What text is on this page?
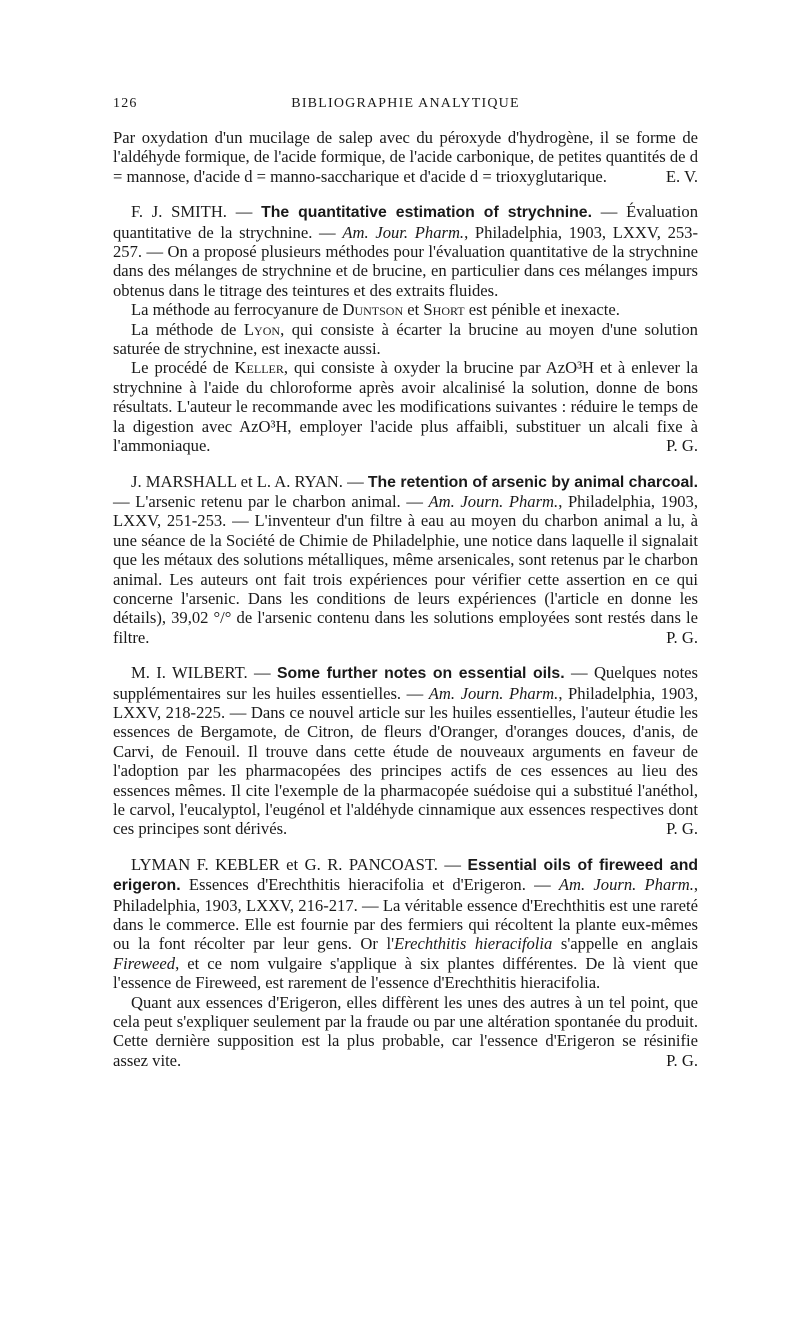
126	BIBLIOGRAPHIE ANALYTIQUE

Par oxydation d'un mucilage de salep avec du péroxyde d'hydrogène, il se forme de l'aldéhyde formique, de l'acide formique, de l'acide carbonique, de petites quantités de d = mannose, d'acide d = manno-saccharique et d'acide d = trioxyglutarique.	E. V.

F. J. SMITH. — The quantitative estimation of strychnine. — Évaluation quantitative de la strychnine. — Am. Jour. Pharm., Philadelphia, 1903, LXXV, 253-257. — On a proposé plusieurs méthodes pour l'évaluation quantitative de la strychnine dans des mélanges de strychnine et de brucine, en particulier dans ces mélanges impurs obtenus dans le titrage des teintures et des extraits fluides.

La méthode au ferrocyanure de Duntson et Short est pénible et inexacte.

La méthode de Lyon, qui consiste à écarter la brucine au moyen d'une solution saturée de strychnine, est inexacte aussi.

Le procédé de Keller, qui consiste à oxyder la brucine par AzO³H et à enlever la strychnine à l'aide du chloroforme après avoir alcalinisé la solution, donne de bons résultats. L'auteur le recommande avec les modifications suivantes : réduire le temps de la digestion avec AzO³H, employer l'acide plus affaibli, substituer un alcali fixe à l'ammoniaque.	P. G.

J. MARSHALL et L. A. RYAN. — The retention of arsenic by animal charcoal. — L'arsenic retenu par le charbon animal. — Am. Journ. Pharm., Philadelphia, 1903, LXXV, 251-253. — L'inventeur d'un filtre à eau au moyen du charbon animal a lu, à une séance de la Société de Chimie de Philadelphie, une notice dans laquelle il signalait que les métaux des solutions métalliques, même arsenicales, sont retenus par le charbon animal. Les auteurs ont fait trois expériences pour vérifier cette assertion en ce qui concerne l'arsenic. Dans les conditions de leurs expériences (l'article en donne les détails), 39,02 °/° de l'arsenic contenu dans les solutions employées sont restés dans le filtre.	P. G.

M. I. WILBERT. — Some further notes on essential oils. — Quelques notes supplémentaires sur les huiles essentielles. — Am. Journ. Pharm., Philadelphia, 1903, LXXV, 218-225. — Dans ce nouvel article sur les huiles essentielles, l'auteur étudie les essences de Bergamote, de Citron, de fleurs d'Oranger, d'oranges douces, d'anis, de Carvi, de Fenouil. Il trouve dans cette étude de nouveaux arguments en faveur de l'adoption par les pharmacopées des principes actifs de ces essences au lieu des essences mêmes. Il cite l'exemple de la pharmacopée suédoise qui a substitué l'anéthol, le carvol, l'eucalyptol, l'eugénol et l'aldéhyde cinnamique aux essences respectives dont ces principes sont dérivés.	P. G.

LYMAN F. KEBLER et G. R. PANCOAST. — Essential oils of fireweed and erigeron. Essences d'Erechthitis hieracifolia et d'Erigeron. — Am. Journ. Pharm., Philadelphia, 1903, LXXV, 216-217. — La véritable essence d'Erechthitis est une rareté dans le commerce. Elle est fournie par des fermiers qui récoltent la plante eux-mêmes ou la font récolter par leur gens. Or l'Erechthitis hieracifolia s'appelle en anglais Fireweed, et ce nom vulgaire s'applique à six plantes différentes. De là vient que l'essence de Fireweed, est rarement de l'essence d'Erechthitis hieracifolia.

Quant aux essences d'Erigeron, elles diffèrent les unes des autres à un tel point, que cela peut s'expliquer seulement par la fraude ou par une altération spontanée du produit. Cette dernière supposition est la plus probable, car l'essence d'Erigeron se résinifie assez vite.	P. G.
